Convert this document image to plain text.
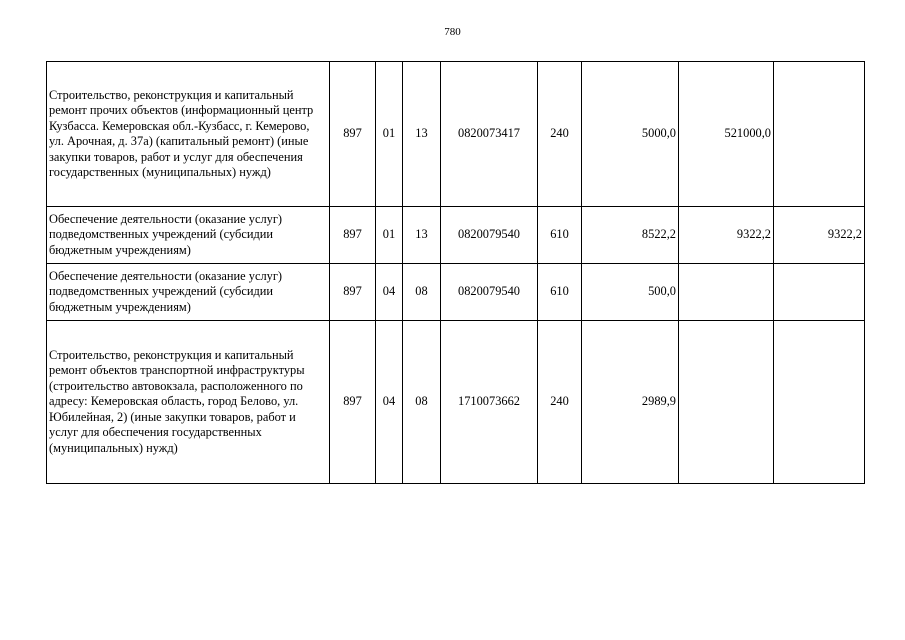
780
Строительство, реконструкция и капитальный ремонт прочих объектов (информационный центр Кузбасса. Кемеровская обл.-Кузбасс, г. Кемерово, ул. Арочная, д. 37а) (капитальный ремонт) (иные закупки товаров, работ и услуг для обеспечения государственных (муниципальных) нужд)	897	01	13	0820073417	240	5000,0	521000,0	
Обеспечение деятельности (оказание услуг) подведомственных учреждений (субсидии бюджетным учреждениям)	897	01	13	0820079540	610	8522,2	9322,2	9322,2
Обеспечение деятельности (оказание услуг) подведомственных учреждений (субсидии бюджетным учреждениям)	897	04	08	0820079540	610	500,0		
Строительство, реконструкция и капитальный ремонт объектов транспортной инфраструктуры (строительство автовокзала, расположенного по адресу: Кемеровская область, город Белово, ул. Юбилейная, 2) (иные закупки товаров, работ и услуг для обеспечения государственных (муниципальных) нужд)	897	04	08	1710073662	240	2989,9		
